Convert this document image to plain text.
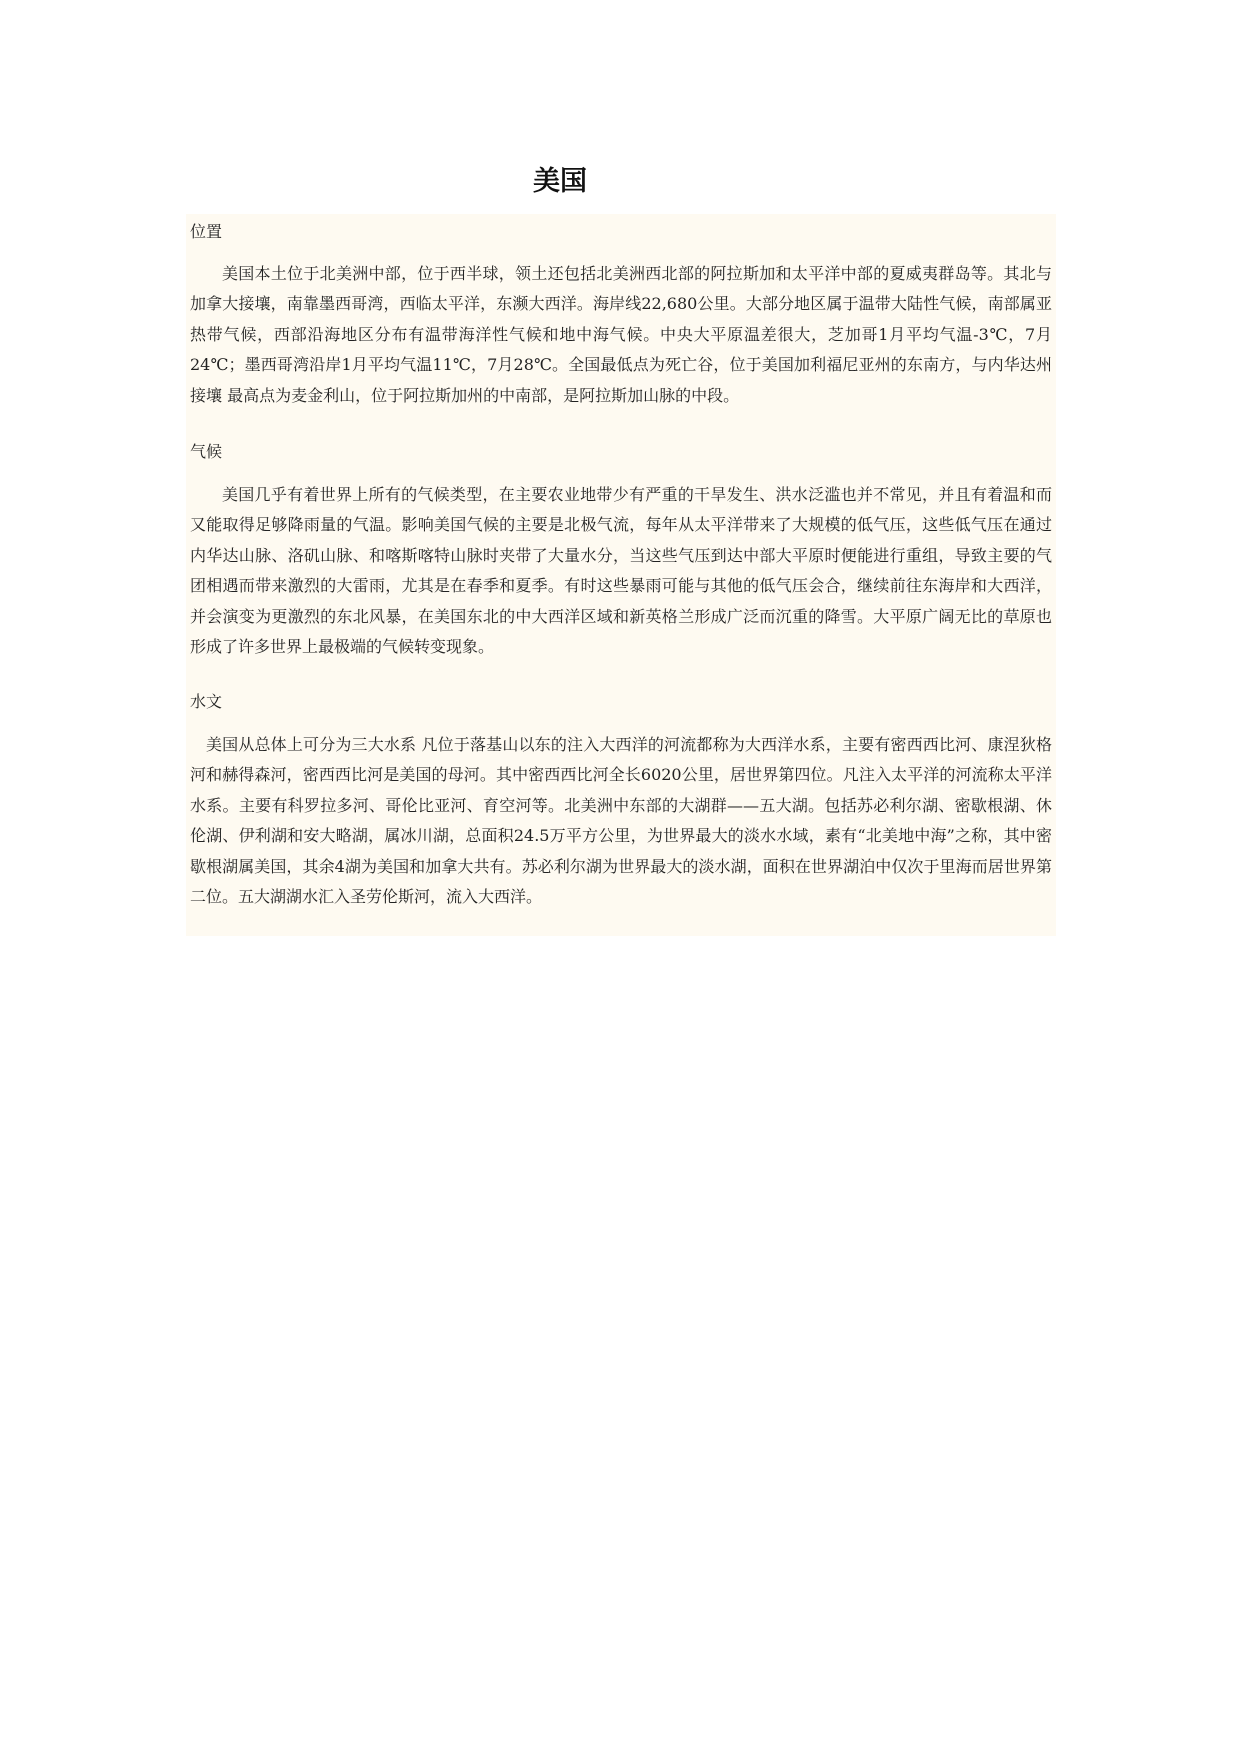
美国
位置

美国本土位于北美洲中部，位于西半球，领土还包括北美洲西北部的阿拉斯加和太平洋中部的夏威夷群岛等。其北与加拿大接壤，南靠墨西哥湾，西临太平洋，东濒大西洋。海岸线22,680公里。大部分地区属于温带大陆性气候，南部属亚热带气候，西部沿海地区分布有温带海洋性气候和地中海气候。中央大平原温差很大，芝加哥1月平均气温-3℃，7月24℃；墨西哥湾沿岸1月平均气温11℃，7月28℃。全国最低点为死亡谷，位于美国加利福尼亚州的东南方，与内华达州接壤 最高点为麦金利山，位于阿拉斯加州的中南部，是阿拉斯加山脉的中段。

气候

美国几乎有着世界上所有的气候类型，在主要农业地带少有严重的干旱发生、洪水泛滥也并不常见，并且有着温和而又能取得足够降雨量的气温。影响美国气候的主要是北极气流，每年从太平洋带来了大规模的低气压，这些低气压在通过内华达山脉、洛矶山脉、和喀斯喀特山脉时夹带了大量水分，当这些气压到达中部大平原时便能进行重组，导致主要的气团相遇而带来激烈的大雷雨，尤其是在春季和夏季。有时这些暴雨可能与其他的低气压会合，继续前往东海岸和大西洋，并会演变为更激烈的东北风暴，在美国东北的中大西洋区域和新英格兰形成广泛而沉重的降雪。大平原广阔无比的草原也形成了许多世界上最极端的气候转变现象。

水文

美国从总体上可分为三大水系 凡位于落基山以东的注入大西洋的河流都称为大西洋水系，主要有密西西比河、康涅狄格河和赫得森河，密西西比河是美国的母河。其中密西西比河全长6020公里，居世界第四位。凡注入太平洋的河流称太平洋水系。主要有科罗拉多河、哥伦比亚河、育空河等。北美洲中东部的大湖群——五大湖。包括苏必利尔湖、密歇根湖、休伦湖、伊利湖和安大略湖，属冰川湖，总面积24.5万平方公里，为世界最大的淡水水域，素有“北美地中海”之称，其中密歇根湖属美国，其余4湖为美国和加拿大共有。苏必利尔湖为世界最大的淡水湖，面积在世界湖泊中仅次于里海而居世界第二位。五大湖湖水汇入圣劳伦斯河，流入大西洋。
